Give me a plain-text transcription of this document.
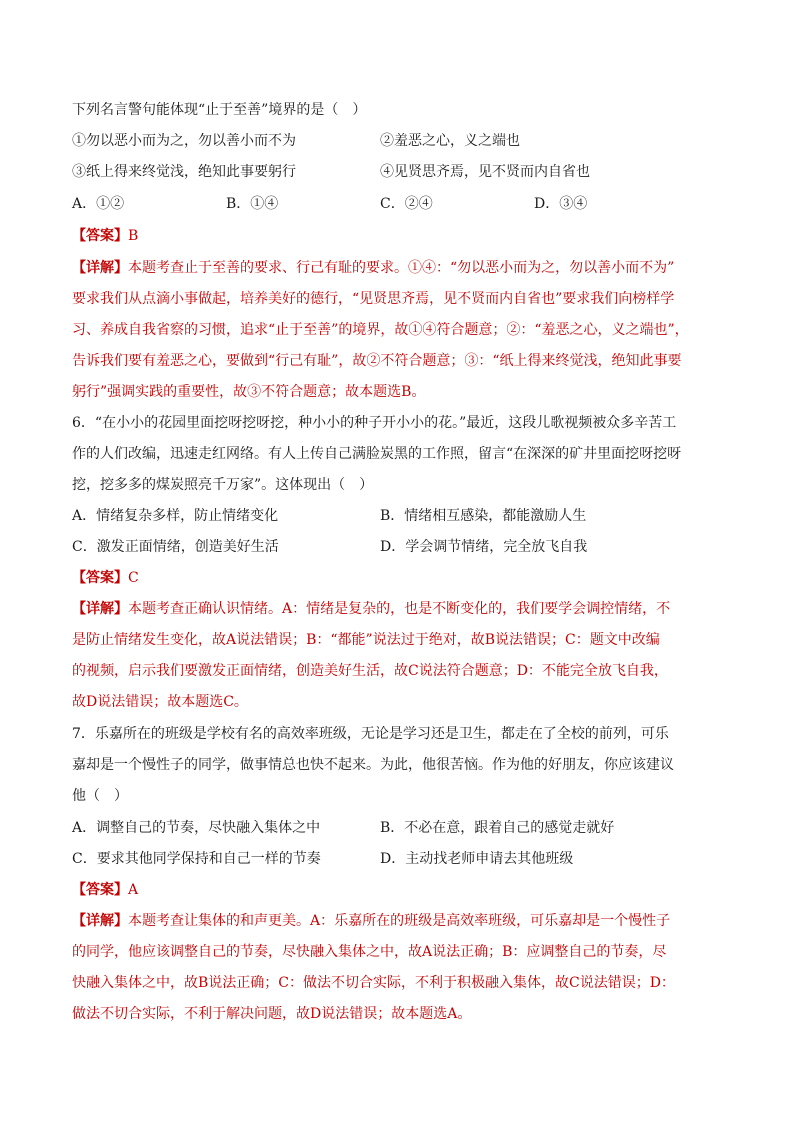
下列名言警句能体现“止于至善”境界的是（　）
①勿以恶小而为之，勿以善小而不为	②羞恶之心，义之端也
③纸上得来终觉浅，绝知此事要躬行	④见贤思齐焉，见不贤而内自省也
A．①②	B．①④	C．②④	D．③④
【答案】B
【详解】本题考查止于至善的要求、行己有耻的要求。①④：“勿以恶小而为之，勿以善小而不为”
要求我们从点滴小事做起，培养美好的德行，“见贤思齐焉，见不贤而内自省也”要求我们向榜样学
习、养成自我省察的习惯，追求“止于至善”的境界，故①④符合题意；②：“羞恶之心，义之端也”，
告诉我们要有羞恶之心，要做到“行己有耻”，故②不符合题意；③：“纸上得来终觉浅，绝知此事要
躬行”强调实践的重要性，故③不符合题意；故本题选B。
6．“在小小的花园里面挖呀挖呀挖，种小小的种子开小小的花。”最近，这段儿歌视频被众多辛苦工
作的人们改编，迅速走红网络。有人上传自己满脸炭黑的工作照，留言“在深深的矿井里面挖呀挖呀
挖，挖多多的煤炭照亮千万家”。这体现出（　）
A．情绪复杂多样，防止情绪变化	B．情绪相互感染，都能激励人生
C．激发正面情绪，创造美好生活	D．学会调节情绪，完全放飞自我
【答案】C
【详解】本题考查正确认识情绪。A：情绪是复杂的，也是不断变化的，我们要学会调控情绪，不
是防止情绪发生变化，故A说法错误；B：“都能”说法过于绝对，故B说法错误；C：题文中改编
的视频，启示我们要激发正面情绪，创造美好生活，故C说法符合题意；D：不能完全放飞自我，
故D说法错误；故本题选C。
7．乐嘉所在的班级是学校有名的高效率班级，无论是学习还是卫生，都走在了全校的前列，可乐
嘉却是一个慢性子的同学，做事情总也快不起来。为此，他很苦恼。作为他的好朋友，你应该建议
他（　）
A．调整自己的节奏，尽快融入集体之中	B．不必在意，跟着自己的感觉走就好
C．要求其他同学保持和自己一样的节奏	D．主动找老师申请去其他班级
【答案】A
【详解】本题考查让集体的和声更美。A：乐嘉所在的班级是高效率班级，可乐嘉却是一个慢性子
的同学，他应该调整自己的节奏，尽快融入集体之中，故A说法正确；B：应调整自己的节奏，尽
快融入集体之中，故B说法正确；C：做法不切合实际，不利于积极融入集体，故C说法错误；D：
做法不切合实际，不利于解决问题，故D说法错误；故本题选A。
